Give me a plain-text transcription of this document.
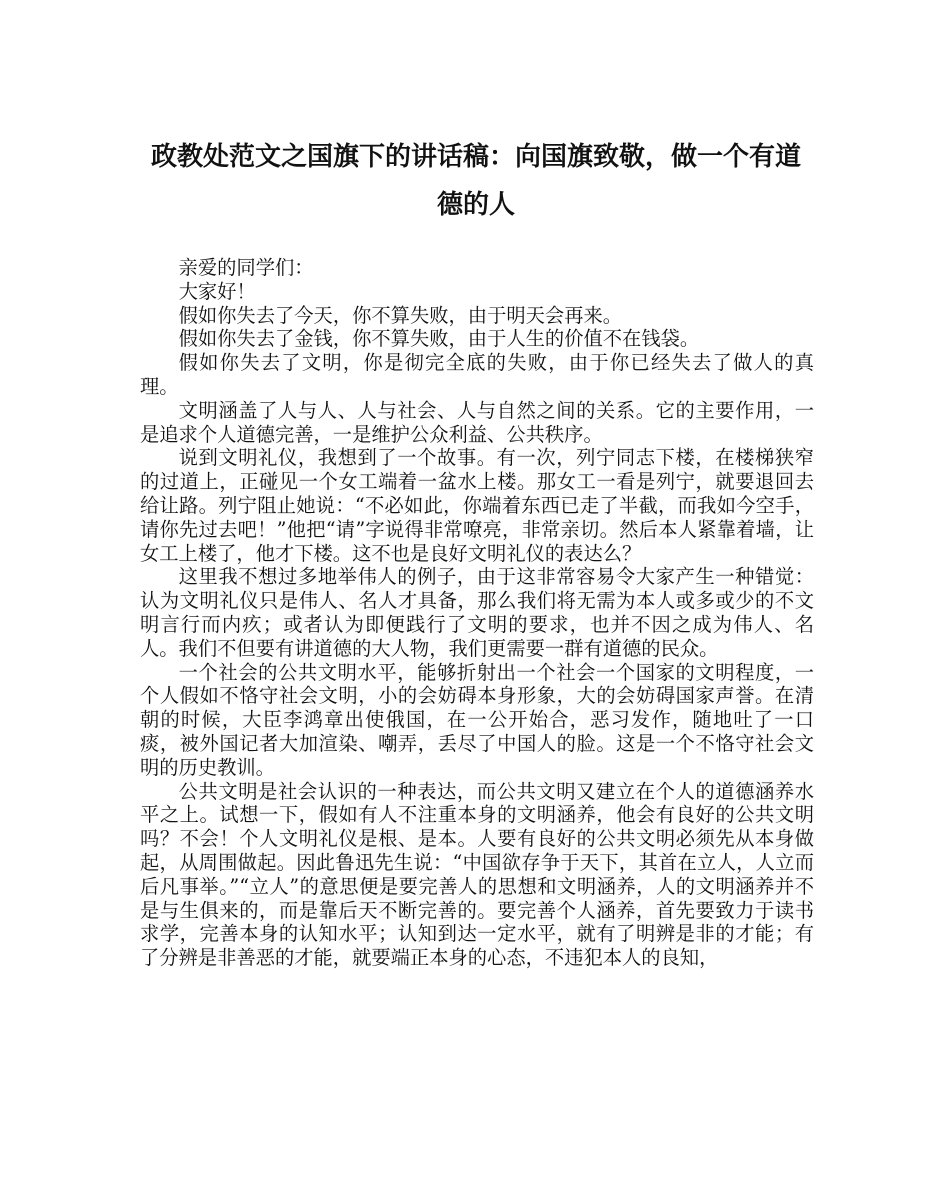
政教处范文之国旗下的讲话稿：向国旗致敬，做一个有道德的人

亲爱的同学们：

大家好！

假如你失去了今天，你不算失败，由于明天会再来。

假如你失去了金钱，你不算失败，由于人生的价值不在钱袋。

假如你失去了文明，你是彻完全底的失败，由于你已经失去了做人的真理。

文明涵盖了人与人、人与社会、人与自然之间的关系。它的主要作用，一是追求个人道德完善，一是维护公众利益、公共秩序。

说到文明礼仪，我想到了一个故事。有一次，列宁同志下楼，在楼梯狭窄的过道上，正碰见一个女工端着一盆水上楼。那女工一看是列宁，就要退回去给让路。列宁阻止她说：“不必如此，你端着东西已走了半截，而我如今空手，请你先过去吧！”他把“请”字说得非常嘹亮，非常亲切。然后本人紧靠着墙，让女工上楼了，他才下楼。这不也是良好文明礼仪的表达么？

这里我不想过多地举伟人的例子，由于这非常容易令大家产生一种错觉：认为文明礼仪只是伟人、名人才具备，那么我们将无需为本人或多或少的不文明言行而内疚；或者认为即便践行了文明的要求，也并不因之成为伟人、名人。我们不但要有讲道德的大人物，我们更需要一群有道德的民众。

一个社会的公共文明水平，能够折射出一个社会一个国家的文明程度，一个人假如不恪守社会文明，小的会妨碍本身形象，大的会妨碍国家声誉。在清朝的时候，大臣李鸿章出使俄国，在一公开始合，恶习发作，随地吐了一口痰，被外国记者大加渲染、嘲弄，丢尽了中国人的脸。这是一个不恪守社会文明的历史教训。

公共文明是社会认识的一种表达，而公共文明又建立在个人的道德涵养水平之上。试想一下，假如有人不注重本身的文明涵养，他会有良好的公共文明吗？不会！个人文明礼仪是根、是本。人要有良好的公共文明必须先从本身做起，从周围做起。因此鲁迅先生说：“中国欲存争于天下，其首在立人，人立而后凡事举。”“立人”的意思便是要完善人的思想和文明涵养，人的文明涵养并不是与生俱来的，而是靠后天不断完善的。要完善个人涵养，首先要致力于读书求学，完善本身的认知水平；认知到达一定水平，就有了明辨是非的才能；有了分辨是非善恶的才能，就要端正本身的心态，不违犯本人的良知，
